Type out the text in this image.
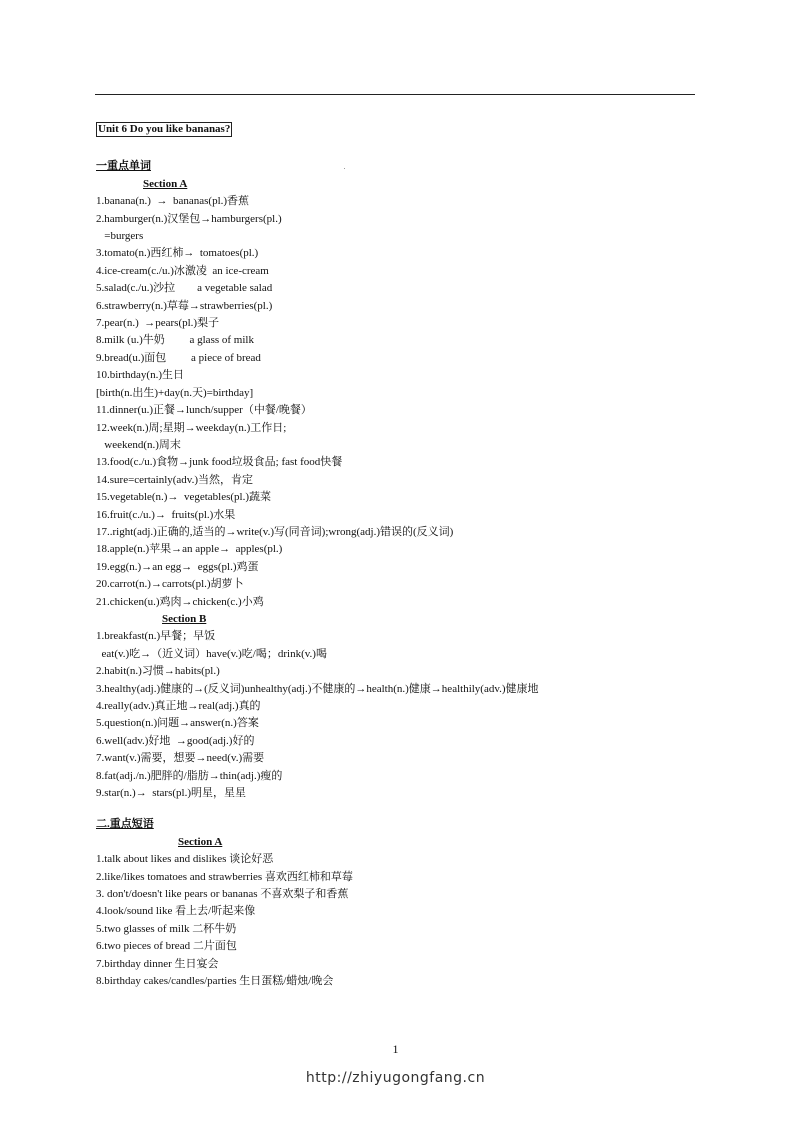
Unit 6 Do you like bananas?
一重点单词
Section A
1.banana(n.)  →  bananas(pl.)香蕉
2.hamburger(n.)汉堡包→hamburgers(pl.)
=burgers
3.tomato(n.)西红柿→  tomatoes(pl.)
4.ice-cream(c./u.)冰激凌  an ice-cream
5.salad(c./u.)沙拉        a vegetable salad
6.strawberry(n.)草莓→strawberries(pl.)
7.pear(n.)  →pears(pl.)梨子
8.milk (u.)牛奶         a glass of milk
9.bread(u.)面包         a piece of bread
10.birthday(n.)生日
[birth(n.出生)+day(n.天)=birthday]
11.dinner(u.)正餐→lunch/supper（中餐/晚餐）
12.week(n.)周;星期→weekday(n.)工作日;
weekend(n.)周末
13.food(c./u.)食物→junk food垃圾食品; fast food快餐
14.sure=certainly(adv.)当然，肯定
15.vegetable(n.)→  vegetables(pl.)蔬菜
16.fruit(c./u.)→  fruits(pl.)水果
17..right(adj.)正确的,适当的→write(v.)写(同音词);wrong(adj.)错误的(反义词)
18.apple(n.)苹果→an apple→  apples(pl.)
19.egg(n.)→an egg→  eggs(pl.)鸡蛋
20.carrot(n.)→carrots(pl.)胡萝卜
21.chicken(u.)鸡肉→chicken(c.)小鸡
Section B
1.breakfast(n.)早餐；早饭
eat(v.)吃→（近义词）have(v.)吃/喝；drink(v.)喝
2.habit(n.)习惯→habits(pl.)
3.healthy(adj.)健康的→(反义词)unhealthy(adj.)不健康的→health(n.)健康→healthily(adv.)健康地
4.really(adv.)真正地→real(adj.)真的
5.question(n.)问题→answer(n.)答案
6.well(adv.)好地  →good(adj.)好的
7.want(v.)需要，想要→need(v.)需要
8.fat(adj./n.)肥胖的/脂肪→thin(adj.)瘦的
9.star(n.)→  stars(pl.)明星，星星
二.重点短语
Section A
1.talk about likes and dislikes 谈论好恶
2.like/likes tomatoes and strawberries 喜欢西红柿和草莓
3. don't/doesn't like pears or bananas 不喜欢梨子和香蕉
4.look/sound like 看上去/听起来像
5.two glasses of milk 二杯牛奶
6.two pieces of bread 二片面包
7.birthday dinner 生日宴会
8.birthday cakes/candles/parties 生日蛋糕/蜡烛/晚会
1
http://zhiyugongfang.cn
